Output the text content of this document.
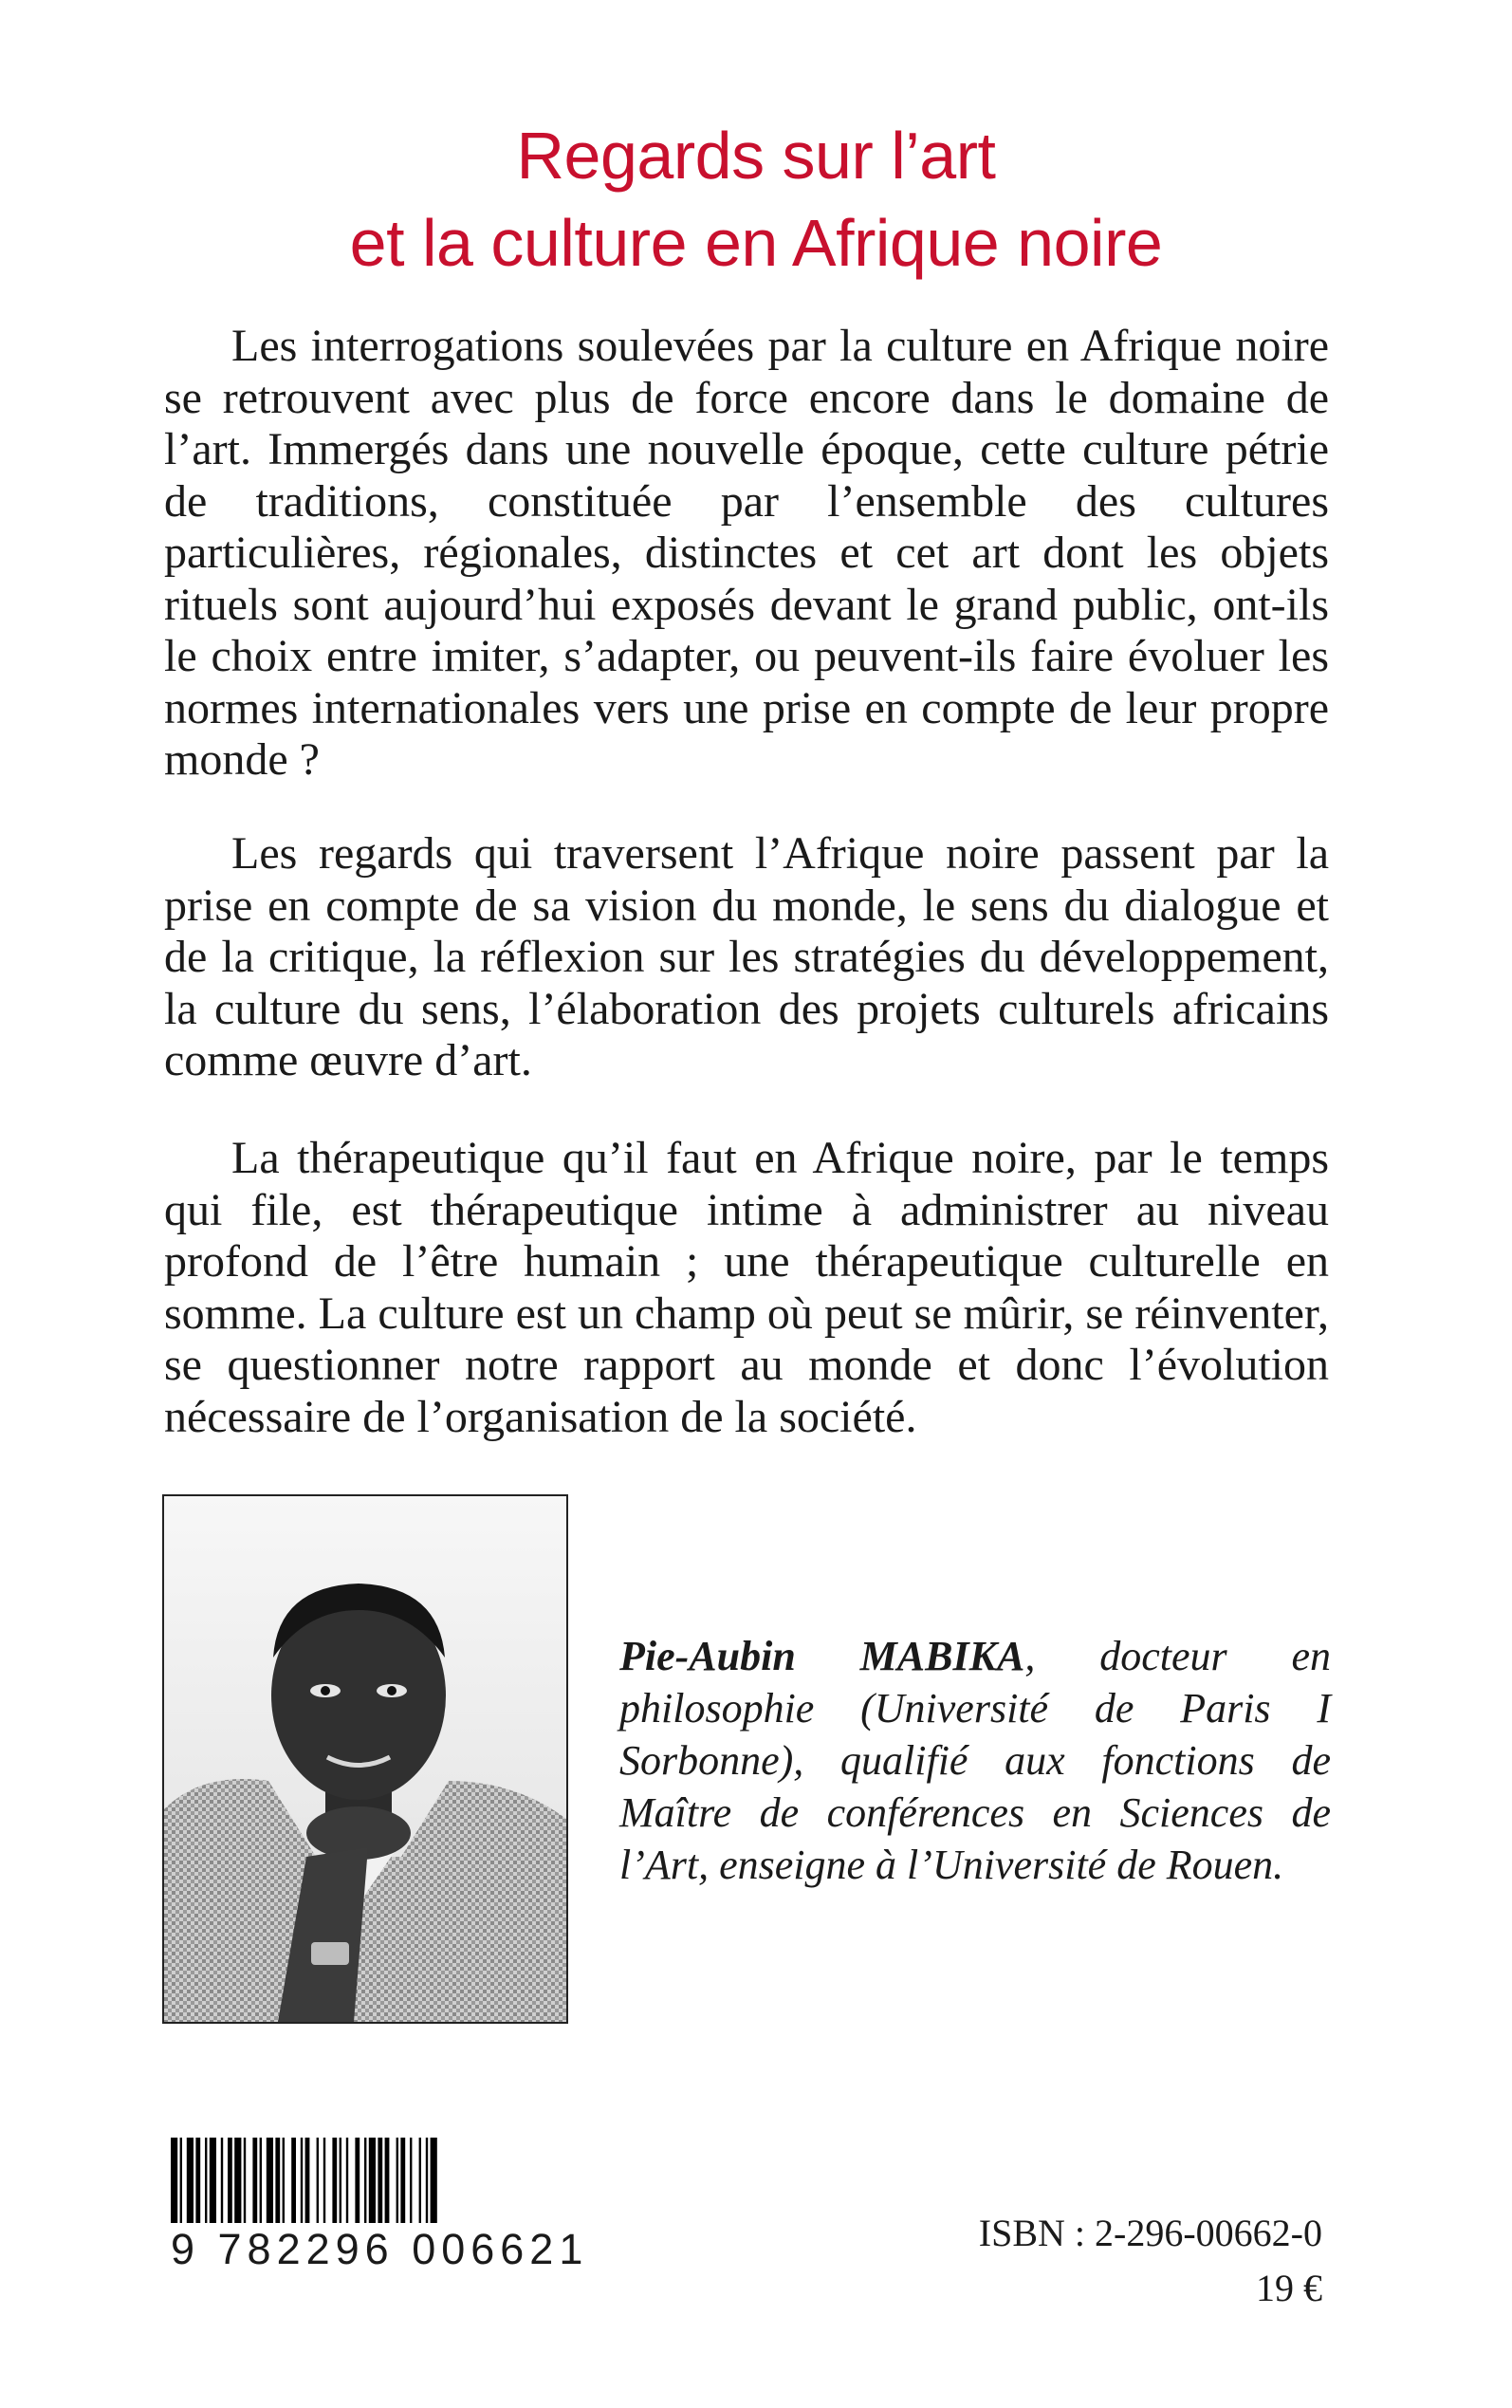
Regards sur l’art
et la culture en Afrique noire

Les interrogations soulevées par la culture en Afrique noire se retrouvent avec plus de force encore dans le domaine de l’art. Immergés dans une nouvelle époque, cette culture pétrie de traditions, constituée par l’ensemble des cultures particulières, régionales, distinctes et cet art dont les objets rituels sont aujourd’hui exposés devant le grand public, ont-ils le choix entre imiter, s’adapter, ou peuvent-ils faire évoluer les normes internationales vers une prise en compte de leur propre monde ?

Les regards qui traversent l’Afrique noire passent par la prise en compte de sa vision du monde, le sens du dialogue et de la critique, la réflexion sur les stratégies du développement, la culture du sens, l’élaboration des projets culturels africains comme œuvre d’art.

La thérapeutique qu’il faut en Afrique noire, par le temps qui file, est thérapeutique intime à administrer au niveau profond de l’être humain ; une thérapeutique culturelle en somme. La culture est un champ où peut se mûrir, se réinventer, se questionner notre rapport au monde et donc l’évolution nécessaire de l’organisation de la société.

Pie-Aubin MABIKA, docteur en philosophie (Université de Paris I Sorbonne), qualifié aux fonctions de Maître de conférences en Sciences de l’Art, enseigne à l’Université de Rouen.

9 782296 006621	ISBN : 2-296-00662-0
19 €
